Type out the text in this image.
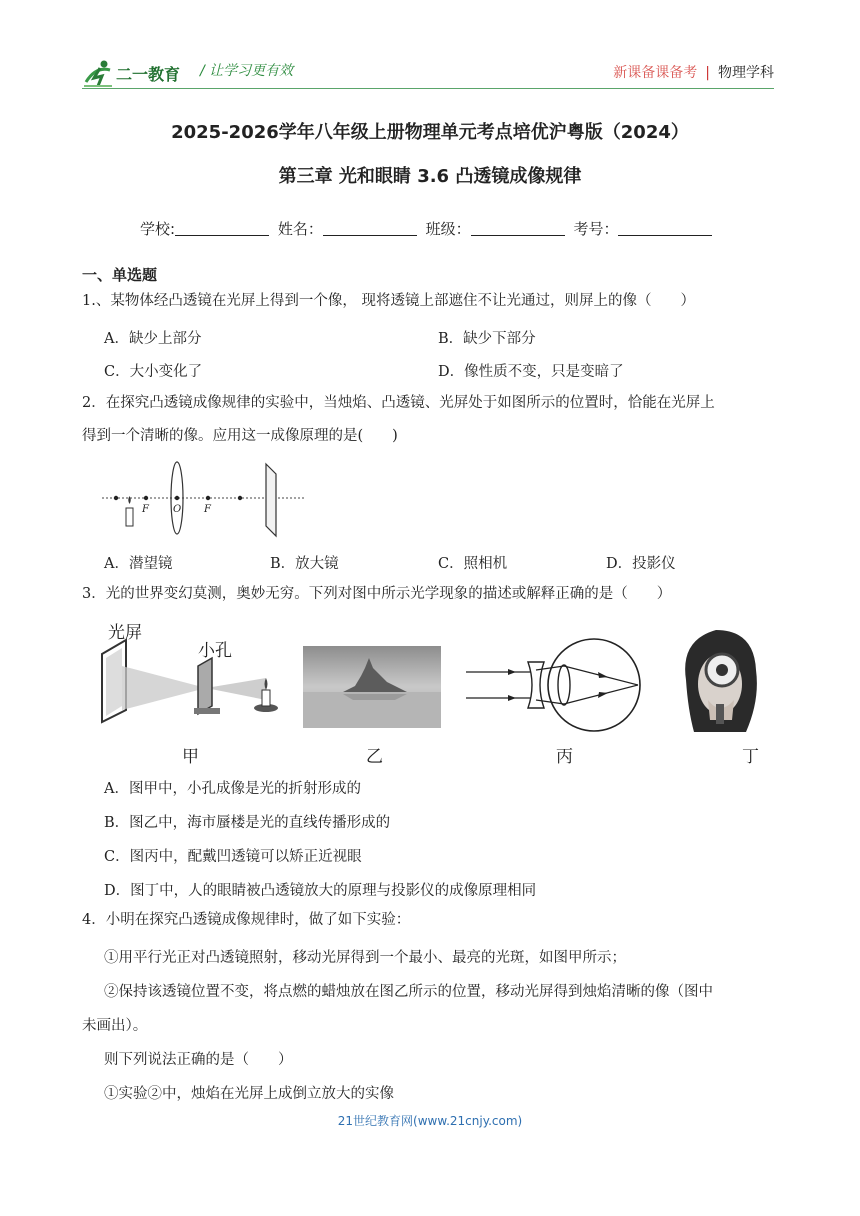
二一教育 / 让学习更有效	新课备课备考 | 物理学科
2025-2026学年八年级上册物理单元考点培优沪粤版（2024）
第三章 光和眼睛 3.6 凸透镜成像规律
学校:	姓名：	班级：	考号：
一、单选题
1.、某物体经凸透镜在光屏上得到一个像， 现将透镜上部遮住不让光通过，则屏上的像（　　）
A．缺少上部分	B．缺少下部分
C．大小变化了	D．像性质不变，只是变暗了
2．在探究凸透镜成像规律的实验中，当烛焰、凸透镜、光屏处于如图所示的位置时，恰能在光屏上
得到一个清晰的像。应用这一成像原理的是(　　)
F O F
A．潜望镜	B．放大镜	C．照相机	D．投影仪
3．光的世界变幻莫测，奥妙无穷。下列对图中所示光学现象的描述或解释正确的是（　　）
光屏
小孔
甲	乙	丙	丁
A．图甲中，小孔成像是光的折射形成的
B．图乙中，海市蜃楼是光的直线传播形成的
C．图丙中，配戴凹透镜可以矫正近视眼
D．图丁中，人的眼睛被凸透镜放大的原理与投影仪的成像原理相同
4．小明在探究凸透镜成像规律时，做了如下实验：
①用平行光正对凸透镜照射，移动光屏得到一个最小、最亮的光斑，如图甲所示；
②保持该透镜位置不变，将点燃的蜡烛放在图乙所示的位置，移动光屏得到烛焰清晰的像（图中
未画出）。
则下列说法正确的是（　　）
①实验②中，烛焰在光屏上成倒立放大的实像
21世纪教育网(www.21cnjy.com)
